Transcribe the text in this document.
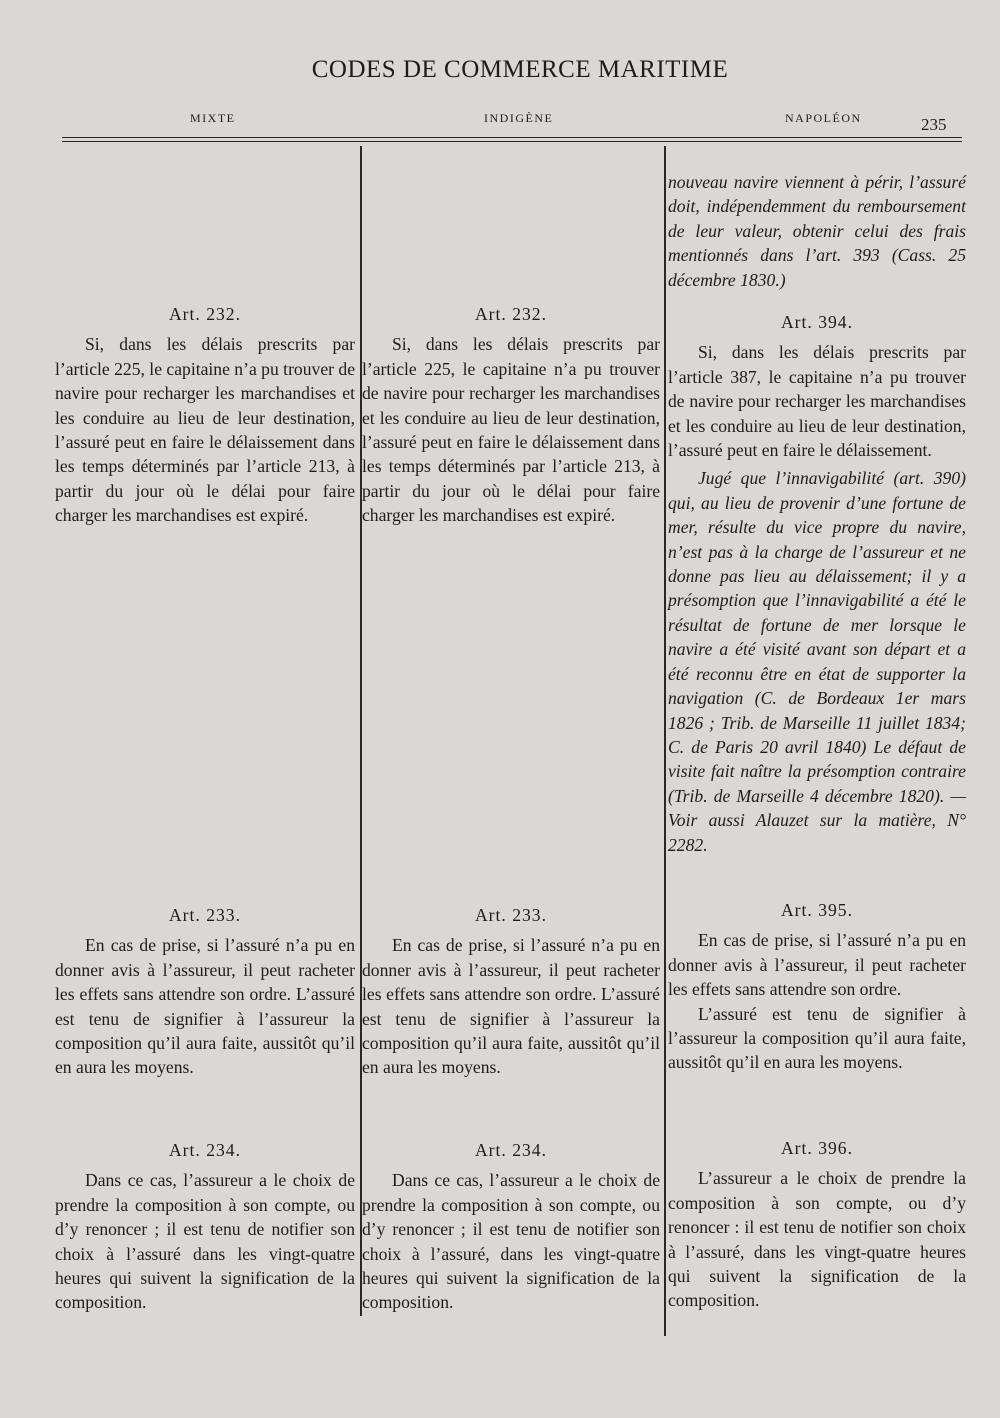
CODES DE COMMERCE MARITIME
MIXTE	INDIGÈNE	NAPOLÉON	235
Art. 232.

Si, dans les délais prescrits par l’article 225, le capitaine n’a pu trouver de navire pour recharger les marchandises et les conduire au lieu de leur destination, l’assuré peut en faire le délaissement dans les temps déterminés par l’article 213, à partir du jour où le délai pour faire charger les marchandises est expiré.

Art. 233.

En cas de prise, si l’assuré n’a pu en donner avis à l’assureur, il peut racheter les effets sans attendre son ordre. L’assuré est tenu de signifier à l’assureur la composition qu’il aura faite, aussitôt qu’il en aura les moyens.

Art. 234.

Dans ce cas, l’assureur a le choix de prendre la composition à son compte, ou d’y renoncer ; il est tenu de notifier son choix à l’assuré dans les vingt-quatre heures qui suivent la signification de la composition.

Art. 232.

Si, dans les délais prescrits par l’article 225, le capitaine n’a pu trouver de navire pour recharger les marchandises et les conduire au lieu de leur destination, l’assuré peut en faire le délaissement dans les temps déterminés par l’article 213, à partir du jour où le délai pour faire charger les marchandises est expiré.

Art. 233.

En cas de prise, si l’assuré n’a pu en donner avis à l’assureur, il peut racheter les effets sans attendre son ordre. L’assuré est tenu de signifier à l’assureur la composition qu’il aura faite, aussitôt qu’il en aura les moyens.

Art. 234.

Dans ce cas, l’assureur a le choix de prendre la composition à son compte, ou d’y renoncer ; il est tenu de notifier son choix à l’assuré, dans les vingt-quatre heures qui suivent la signification de la composition.

nouveau navire viennent à périr, l’assuré doit, indépendemment du remboursement de leur valeur, obtenir celui des frais mentionnés dans l’art. 393 (Cass. 25 décembre 1830.)

Art. 394.

Si, dans les délais prescrits par l’article 387, le capitaine n’a pu trouver de navire pour recharger les marchandises et les conduire au lieu de leur destination, l’assuré peut en faire le délaissement.

Jugé que l’innavigabilité (art. 390) qui, au lieu de provenir d’une fortune de mer, résulte du vice propre du navire, n’est pas à la charge de l’assureur et ne donne pas lieu au délaissement; il y a présomption que l’innavigabilité a été le résultat de fortune de mer lorsque le navire a été visité avant son départ et a été reconnu être en état de supporter la navigation (C. de Bordeaux 1er mars 1826 ; Trib. de Marseille 11 juillet 1834; C. de Paris 20 avril 1840) Le défaut de visite fait naître la présomption contraire (Trib. de Marseille 4 décembre 1820). — Voir aussi Alauzet sur la matière, N° 2282.

Art. 395.

En cas de prise, si l’assuré n’a pu en donner avis à l’assureur, il peut racheter les effets sans attendre son ordre.

L’assuré est tenu de signifier à l’assureur la composition qu’il aura faite, aussitôt qu’il en aura les moyens.

Art. 396.

L’assureur a le choix de prendre la composition à son compte, ou d’y renoncer : il est tenu de notifier son choix à l’assuré, dans les vingt-quatre heures qui suivent la signification de la composition.
